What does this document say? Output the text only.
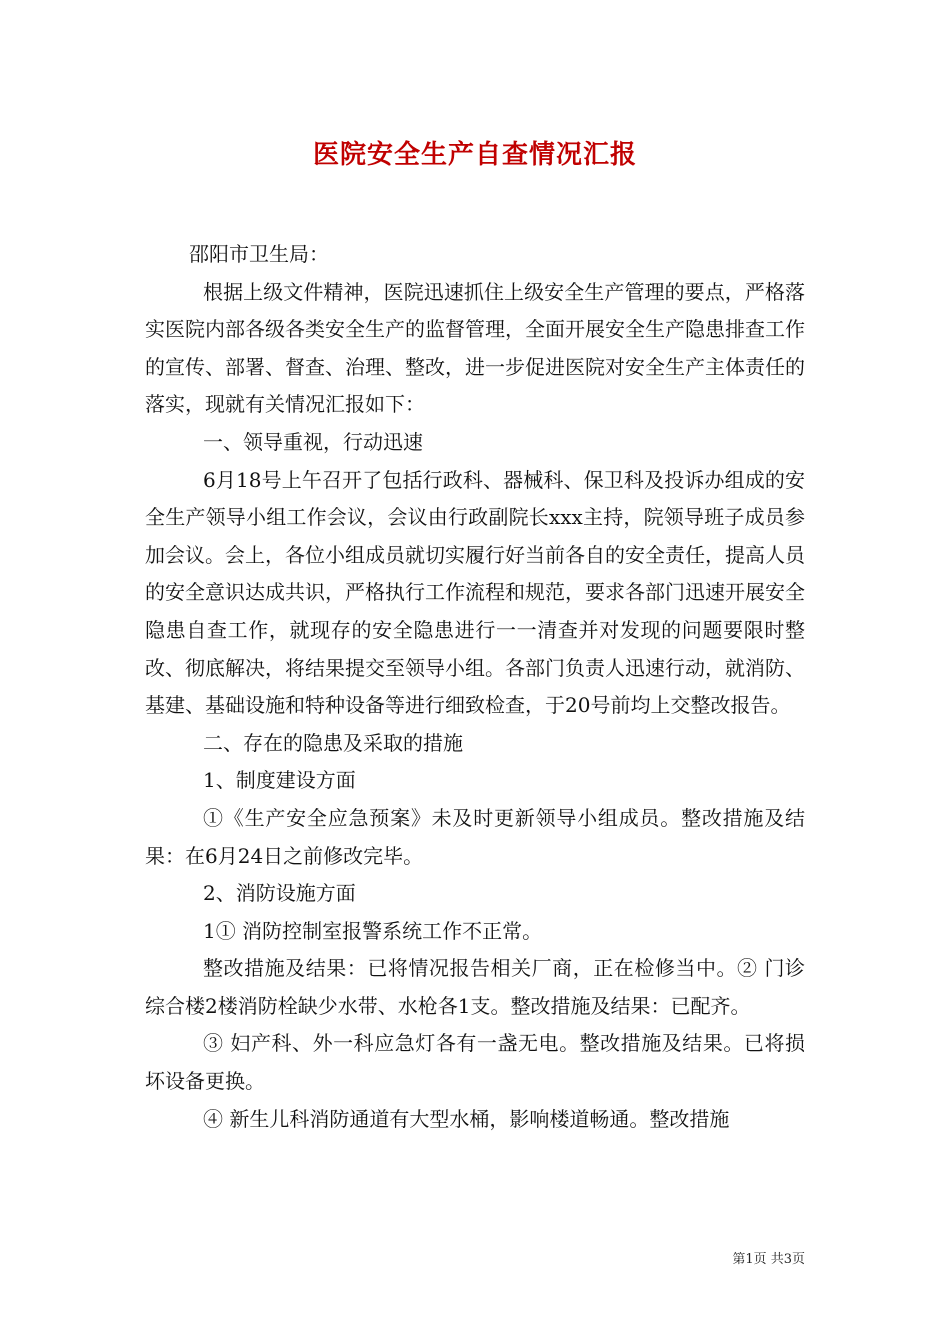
医院安全生产自查情况汇报

邵阳市卫生局：

根据上级文件精神，医院迅速抓住上级安全生产管理的要点，严格落实医院内部各级各类安全生产的监督管理，全面开展安全生产隐患排查工作的宣传、部署、督查、治理、整改，进一步促进医院对安全生产主体责任的落实，现就有关情况汇报如下：

一、领导重视，行动迅速

6月18号上午召开了包括行政科、器械科、保卫科及投诉办组成的安全生产领导小组工作会议，会议由行政副院长xxx主持，院领导班子成员参加会议。会上，各位小组成员就切实履行好当前各自的安全责任，提高人员的安全意识达成共识，严格执行工作流程和规范，要求各部门迅速开展安全隐患自查工作，就现存的安全隐患进行一一清查并对发现的问题要限时整改、彻底解决，将结果提交至领导小组。各部门负责人迅速行动，就消防、基建、基础设施和特种设备等进行细致检查，于20号前均上交整改报告。

二、存在的隐患及采取的措施

1、制度建设方面

①《生产安全应急预案》未及时更新领导小组成员。整改措施及结果：在6月24日之前修改完毕。

2、消防设施方面

1① 消防控制室报警系统工作不正常。

整改措施及结果：已将情况报告相关厂商，正在检修当中。② 门诊综合楼2楼消防栓缺少水带、水枪各1支。整改措施及结果：已配齐。

③ 妇产科、外一科应急灯各有一盏无电。整改措施及结果。已将损坏设备更换。

④ 新生儿科消防通道有大型水桶，影响楼道畅通。整改措施

第1页 共3页
